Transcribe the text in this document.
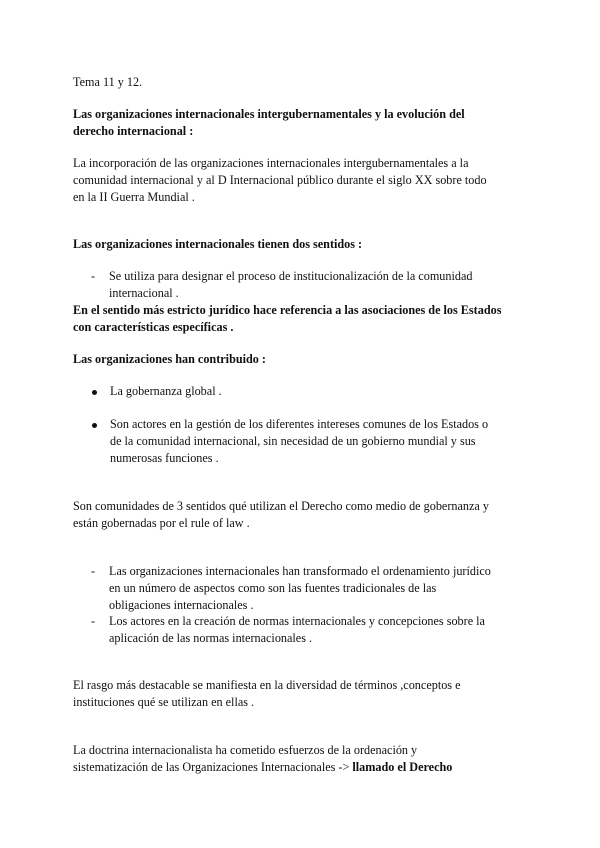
Tema 11 y 12.
Las organizaciones internacionales intergubernamentales y la evolución del
derecho internacional :
La incorporación de las organizaciones internacionales intergubernamentales a la
comunidad internacional y al D Internacional público durante el siglo XX sobre todo
en la II Guerra Mundial .
Las organizaciones internacionales tienen dos sentidos :
- Se utiliza para designar el proceso de institucionalización de la comunidad
internacional .
En el sentido más estricto jurídico hace referencia a las asociaciones de los Estados
con características específicas .
Las organizaciones han contribuido :
La gobernanza global .
Son actores en la gestión de los diferentes intereses comunes de los Estados o
de la comunidad internacional, sin necesidad de un gobierno mundial y sus
numerosas funciones .
Son comunidades de 3 sentidos qué utilizan el Derecho como medio de gobernanza y
están gobernadas por el rule of law .
- Las organizaciones internacionales han transformado el ordenamiento jurídico
en un número de aspectos como son las fuentes tradicionales de las
obligaciones internacionales .
- Los actores en la creación de normas internacionales y concepciones sobre la
aplicación de las normas internacionales .
El rasgo más destacable se manifiesta en la diversidad de términos ,conceptos e
instituciones qué se utilizan en ellas .
La doctrina internacionalista ha cometido esfuerzos de la ordenación y
sistematización de las Organizaciones Internacionales -> llamado el Derecho
